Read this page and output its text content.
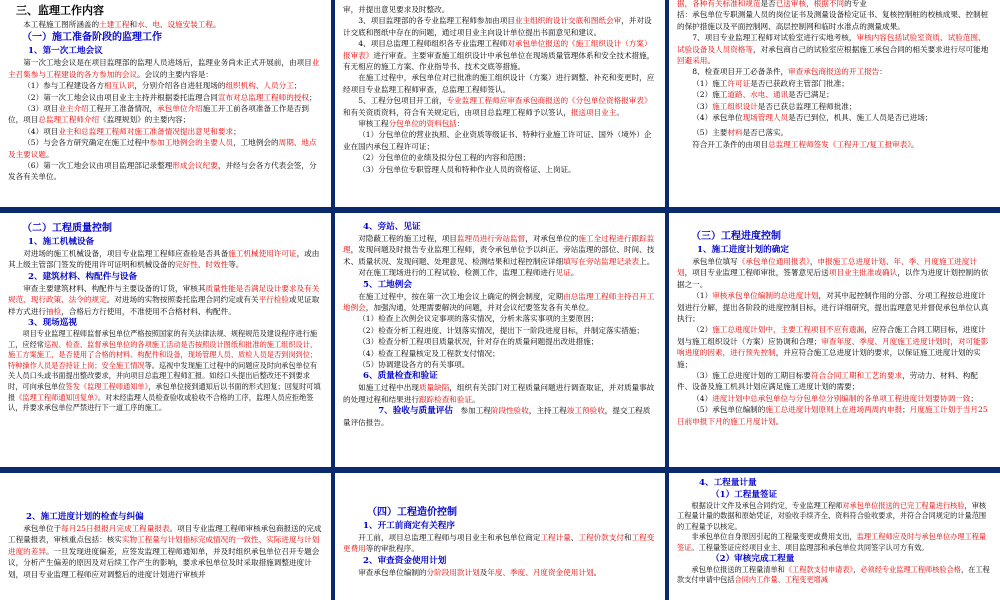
三、监理工作内容

本工程施工图所涵盖的土建工程和水、电、设施安装工程。

（一）施工准备阶段的监理工作

1、第一次工地会议

第一次工地会议是在项目监理部的监理人员进场后，监理业务尚未正式开展前，由项目业主召集参与工程建设的各方参加的会议。会议的主要内容是：

（1）参与工程建设各方相互认识，分别介绍各自进驻现场的组织机构、人员分工；

（2）第一次工地会议由项目业主主持并根据委托监理合同宣布对总监理工程师的授权；

（3）项目业主介绍工程开工准备情况，承包单位介绍施工开工前各项准备工作是否到位，项目总监理工程师介绍《监理规划》的主要内容；

（4）项目业主和总监理工程师对施工准备情况提出意见和要求；

（5）与会各方研究确定在施工过程中参加工地例会的主要人员，工地例会的周期、地点及主要议题。

（6）第一次工地会议由项目监理部记录整理形成会议纪要，并经与会各方代表会签，分发各有关单位。

审，并提出意见要求及时整改。

3、项目监理部的各专业监理工程师参加由项目业主组织的设计交底和图纸会审，并对设计交底和图纸中存在的问题，通过项目业主向设计单位提出书面意见和建议。

4、项目总监理工程师组织各专业监理工程师对承包单位报送的《施工组织设计（方案）报审表》进行审查。主要审查施工组织设计中承包单位在现场质量管理体系和安全技术措施，有无相应的施工方案、作业指导书、技术交底等措施。

在施工过程中，承包单位对已批准的施工组织设计（方案）进行调整、补充和变更时，应经项目专业监理工程师审查，总监理工程师签认。

5、工程分包项目开工前，专业监理工程师应审查承包商报送的《分包单位资格报审表》和有关资质资料，符合有关规定后，由项目总监理工程师予以签认，报送项目业主。

审核工程分包单位的资料包括：

（1）分包单位的营业执照、企业资质等级证书、特种行业施工许可证、国外（境外）企业在国内承包工程许可证；

（2）分包单位的业绩及拟分包工程的内容和范围；

（3）分包单位专职管理人员和特种作业人员的资格证、上岗证。

据，各种有关标准和规范是否已送审核，根据不同的专业

括：承包单位专职测量人员的岗位证书及测量设备检定证书、复核控制桩的校核成果、控制桩的保护措施以及平面控制网、高层控制网和临时水准点的测量成果。

7、项目专业监理工程师对试验室进行实地考核，审核内容包括试验室资质、试验范围、试验设备及人员资格等，对承包商自己的试验室应根据施工承包合同的相关要求进行尽可能地回避采用。

8、检查项目开工必备条件，审查承包商报送的开工报告：

（1）施工许可证是否已获政府主管部门批准；

（2）施工道路、水电、通讯是否已满足；

（3）施工组织设计是否已获总监理工程师批准；

（4）承包单位现场管理人员是否已到位，机具、施工人员是否已进场；

（5）主要材料是否已落实。

符合开工条件的由项目总监理工程师签发《工程开工/复工报审表》。

（二）工程质量控制

1、施工机械设备

对进场的施工机械设备，项目专业监理工程师应查验是否具备施工机械使用许可证，或由其上级主管部门签发的使用许可证明和机械设备的完好性、时效性等。

2、建筑材料、构配件与设备

审查主要建筑材料、构配件与主要设备的订货，审核其质量性能是否满足设计要求及有关规范、现行政策、法令的规定。对进场的实物按照委托监理合同约定或有关平行检验或见证取样方式进行抽检，合格后方行使用，不准使用不合格材料、构配件。

3、现场巡视

项目专业监理工程师监督承包单位严格按照国家的有关法律法规、规程规范及建设程序进行施工，应经常巡视、检查、监督承包单位的各项施工活动是否按照设计图纸和批准的施工组织设计、施工方案施工，是否使用了合格的材料、构配件和设备，现场管理人员、质检人员是否到岗到位；特种操作人员是否持证上岗；安全施工情况等。巡视中发现施工过程中的问题应及时向承包单位有关人员口头或书面提出整改要求，并向项目总监理工程师汇报。如经口头提出后整改还不到要求时，可向承包单位签发《监理工程师通知单》，承包单位接到通知后以书面的形式回复；回复时可填报《监理工程师通知回复单》。对未经监理人员检查验收或验收不合格的工序，监理人员应拒绝签认，并要求承包单位严禁进行下一道工序的施工。

4、旁站、见证

对隐蔽工程的施工过程，项目监理员进行旁站监督，对承包单位的施工全过程进行跟踪监理，发现问题及时报告专业监理工程师，责令承包单位予以纠正。旁站监理的部位、时间、技术、质量状况、发现问题、处理意见、检测结果和过程控制应详细填写在旁站监理记录表上。

对在施工现场进行的工程试验、检测工作，监理工程师进行见证。

5、工地例会

在施工过程中，按在第一次工地会议上确定的例会制度，定期由总监理工程师主持召开工地例会，加强沟通，处理需要解决的问题，并对会议纪要签发各有关单位。

（1）检查上次例会议定事项的落实情况，分析未落实事项的主要原因；

（2）检查分析工程进度、计划落实情况，提出下一阶段进度目标，并制定落实措施；

（3）检查分析工程项目质量状况，针对存在的质量问题提出改进措施；

（4）检查工程量核定及工程款支付情况；

（5）协调建设各方的有关事项。

6、质量检查和验证

如施工过程中出现质量缺陷，组织有关部门对工程质量问题进行调查取证，并对质量事故的处理过程和结果进行跟踪检查和验证。

7、验收与质量评估　参加工程阶段性验收，主持工程竣工预验收，提交工程质量评估报告。

（三）工程进度控制

1、施工进度计划的确定

承包单位填写《承包单位通用报表》，申报施工总进度计划、年、季、月度施工进度计划，项目专业监理工程师审批，签署意见后送项目业主批准或确认，以作为进度计划控制的依据之一。

（1）审核承包单位编制的总进度计划，对其中起控制作用的分部、分项工程按总进度计划进行分解，提出各阶段的进度控制目标，进行详细研究，提出监理意见并督促承包单位认真执行；

（2）施工总进度计划中，主要工程项目不应有遗漏，应符合施工合同工期目标，进度计划与施工组织设计（方案）应协调和合理；审查年度、季度、月度施工进度计划时，对可能影响进度的因素，进行预先控制，并应符合施工总进度计划的要求，以保证施工进度计划的实施；

（3）施工总进度计划的工期目标要符合合同工期和工艺的要求，劳动力、材料、构配件、设备及施工机具计划应满足施工进度计划的需要；

（4）进度计划中总承包单位与分包单位分别编制的各单项工程进度计划要协调一致；

（5）承包单位编制的施工总进度计划原则上在进场两周内申报；月度施工计划于当月25日前申报下月的施工月度计划。

2、施工进度计划的检查与纠偏

承包单位于每月25日报报月完成工程量报表。项目专业监理工程师审核承包商报送的完成工程量报表，审核重点包括：核实实物工程量与计划指标完成情况的一致性、实际进度与计划进度的差异。一旦发现进度偏差，应签发监理工程师通知单，并及时组织承包单位召开专题会议，分析产生偏差的原因及对后续工作产生的影响，要求承包单位及时采取措施调整进度计划，项目专业监理工程师应对调整后的进度计划进行审核并

（四）工程造价控制

1、开工前商定有关程序

开工前，项目总监理工程师与项目业主和承包单位商定工程计量、工程价款支付和工程变更费用等的审批程序。

2、审查资金使用计划

审查承包单位编制的分阶段用款计划及年度、季度、月度资金使用计划。

4、工程量计量

（1）工程量签证

根据设计文件及承包合同约定，专业监理工程师对承包单位报送的已完工程量进行核验，审核工程量计量的数据和原始凭证，对验收手续齐全、资料符合验收要求，并符合合同规定的计量范围的工程量予以核定。

非承包单位自身原因引起的工程量变更或费用支出，监理工程师应及时与承包单位办理工程量签证。工程量签证应经项目业主、项目监理部和承包单位共同签字认可方有效。

（2）审核完成工程量

承包单位报送的工程量清单和《工程款支付申请表》，必须经专业监理工程师核验合格，在工程款支付申请中包括合同内工作量、工程变更增减
